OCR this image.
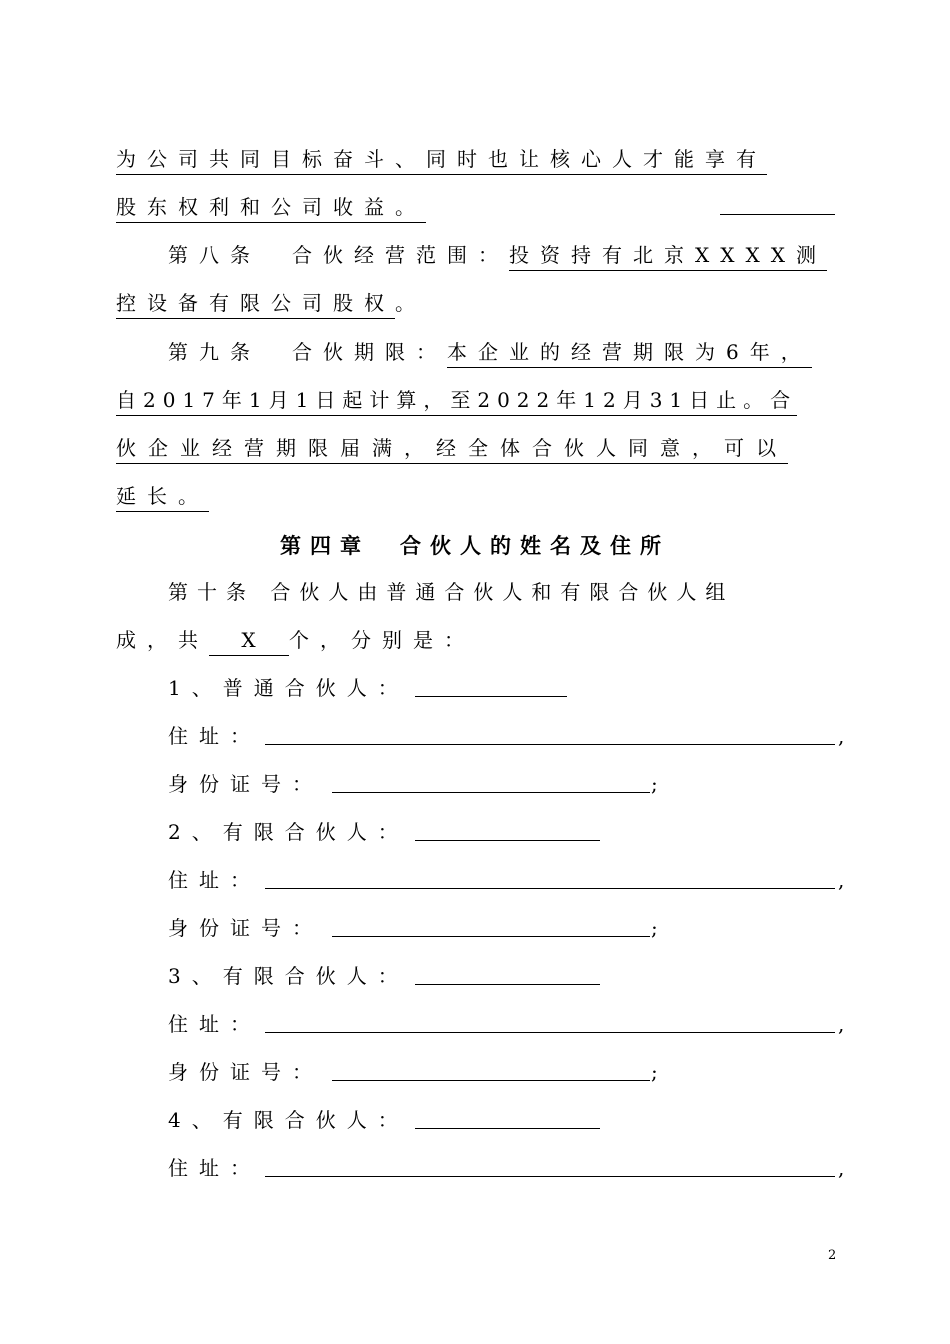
为公司共同目标奋斗、同时也让核心人才能享有
股东权利和公司收益。
第八条　合伙经营范围：投资持有北京XXXX测
控设备有限公司股权。
第九条　合伙期限：本企业的经营期限为6年，
自2017年1月1日起计算，至2022年12月31日止。合
伙企业经营期限届满，经全体合伙人同意，可以
延长。
第四章　合伙人的姓名及住所
第十条 合伙人由普通合伙人和有限合伙人组
成，共 X 个，分别是：
1、普通合伙人：
住址：	,
身份证号：	;
2、有限合伙人：
住址：	,
身份证号：	;
3、有限合伙人：
住址：	,
身份证号：	;
4、有限合伙人：
住址：	,
2
